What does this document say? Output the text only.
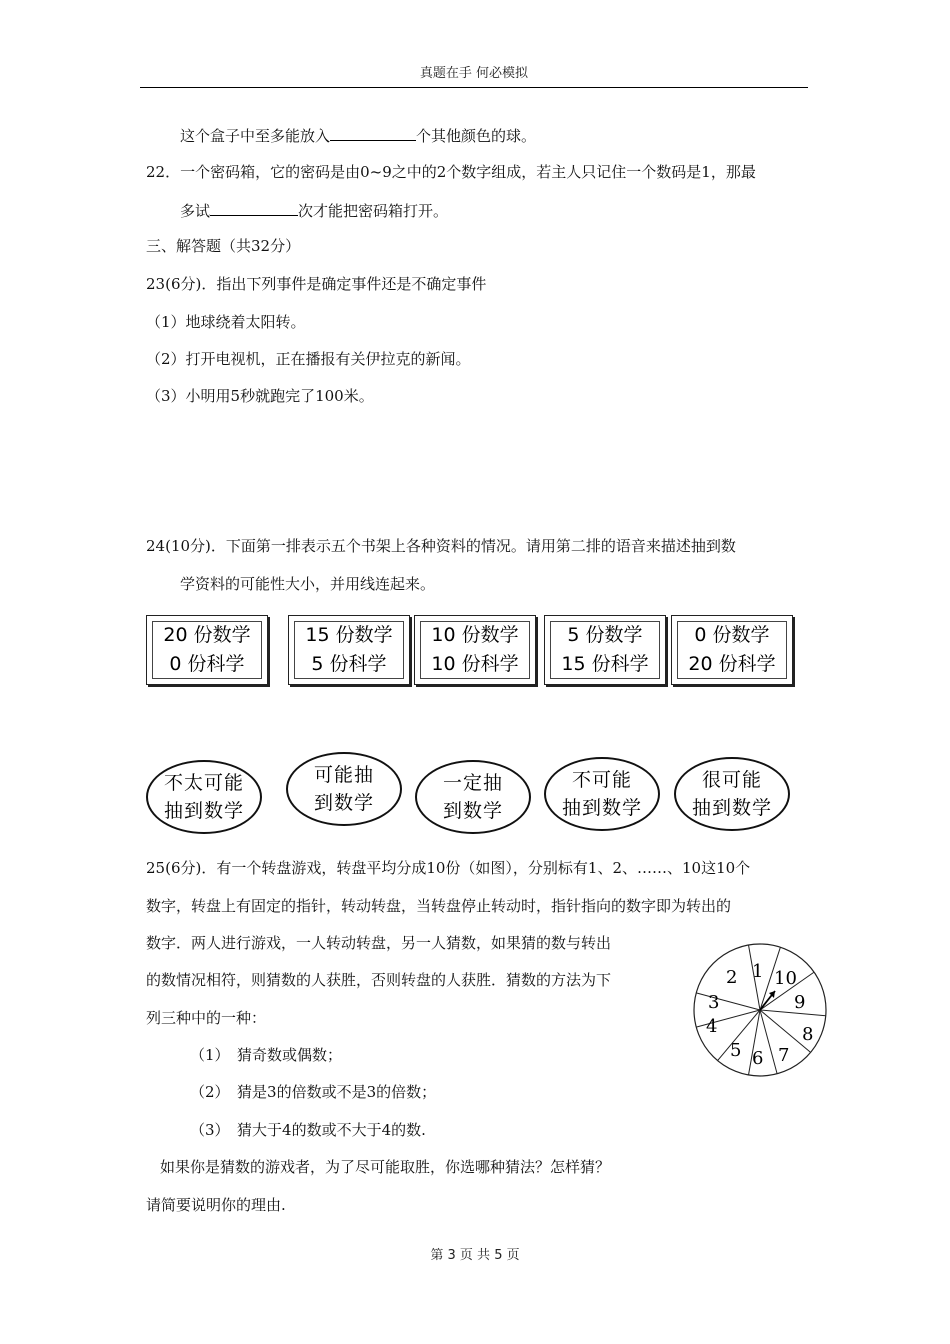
真题在手 何必模拟
这个盒子中至多能放入	个其他颜色的球。
22．一个密码箱，它的密码是由0~9之中的2个数字组成，若主人只记住一个数码是1，那最
多试	次才能把密码箱打开。
三、解答题（共32分）
23(6分)．指出下列事件是确定事件还是不确定事件
（1）地球绕着太阳转。
（2）打开电视机，正在播报有关伊拉克的新闻。
（3）小明用5秒就跑完了100米。
24(10分)．下面第一排表示五个书架上各种资料的情况。请用第二排的语音来描述抽到数
学资料的可能性大小，并用线连起来。
20 份数学
0 份科学
15 份数学
5 份科学
10 份数学
10 份科学
5 份数学
15 份科学
0 份数学
20 份科学
不太可能
抽到数学
可能抽
到数学
一定抽
到数学
不可能
抽到数学
很可能
抽到数学
25(6分)．有一个转盘游戏，转盘平均分成10份（如图），分别标有1、2、……、10这10个
数字，转盘上有固定的指针，转动转盘，当转盘停止转动时，指针指向的数字即为转出的
数字．两人进行游戏，一人转动转盘，另一人猜数，如果猜的数与转出
的数情况相符，则猜数的人获胜，否则转盘的人获胜．猜数的方法为下
列三种中的一种：
（1）　猜奇数或偶数；
（2）　猜是3的倍数或不是3的倍数；
（3）　猜大于4的数或不大于4的数.
如果你是猜数的游戏者，为了尽可能取胜，你选哪种猜法？怎样猜？
请简要说明你的理由.
1
2
3
4
5 6 7
8
9
10
第 3 页 共 5 页
